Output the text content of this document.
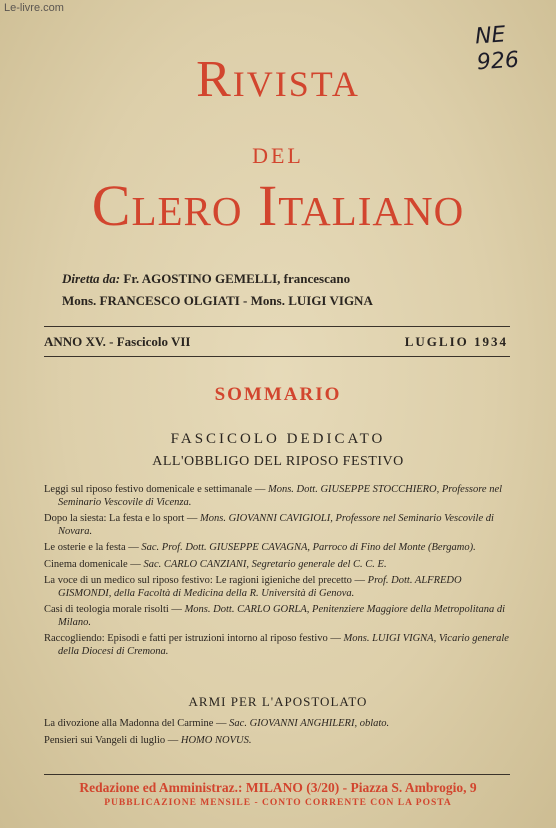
Le-livre.com
NE
926
Rivista
del
Clero Italiano
Diretta da: Fr. AGOSTINO GEMELLI, francescano
Mons. FRANCESCO OLGIATI - Mons. LUIGI VIGNA
ANNO XV. - Fascicolo VII	LUGLIO 1934
SOMMARIO
FASCICOLO DEDICATO
ALL'OBBLIGO DEL RIPOSO FESTIVO
Leggi sul riposo festivo domenicale e settimanale — Mons. Dott. GIUSEPPE STOCCHIERO, Professore nel Seminario Vescovile di Vicenza.
Dopo la siesta: La festa e lo sport — Mons. GIOVANNI CAVIGIOLI, Professore nel Seminario Vescovile di Novara.
Le osterie e la festa — Sac. Prof. Dott. GIUSEPPE CAVAGNA, Parroco di Fino del Monte (Bergamo).
Cinema domenicale — Sac. CARLO CANZIANI, Segretario generale del C. C. E.
La voce di un medico sul riposo festivo: Le ragioni igieniche del precetto — Prof. Dott. ALFREDO GISMONDI, della Facoltà di Medicina della R. Università di Genova.
Casi di teologia morale risolti — Mons. Dott. CARLO GORLA, Penitenziere Maggiore della Metropolitana di Milano.
Raccogliendo: Episodi e fatti per istruzioni intorno al riposo festivo — Mons. LUIGI VIGNA, Vicario generale della Diocesi di Cremona.
ARMI PER L'APOSTOLATO
La divozione alla Madonna del Carmine — Sac. GIOVANNI ANGHILERI, oblato.
Pensieri sui Vangeli di luglio — HOMO NOVUS.
Redazione ed Amministraz.: MILANO (3/20) - Piazza S. Ambrogio, 9
PUBBLICAZIONE MENSILE - CONTO CORRENTE CON LA POSTA
